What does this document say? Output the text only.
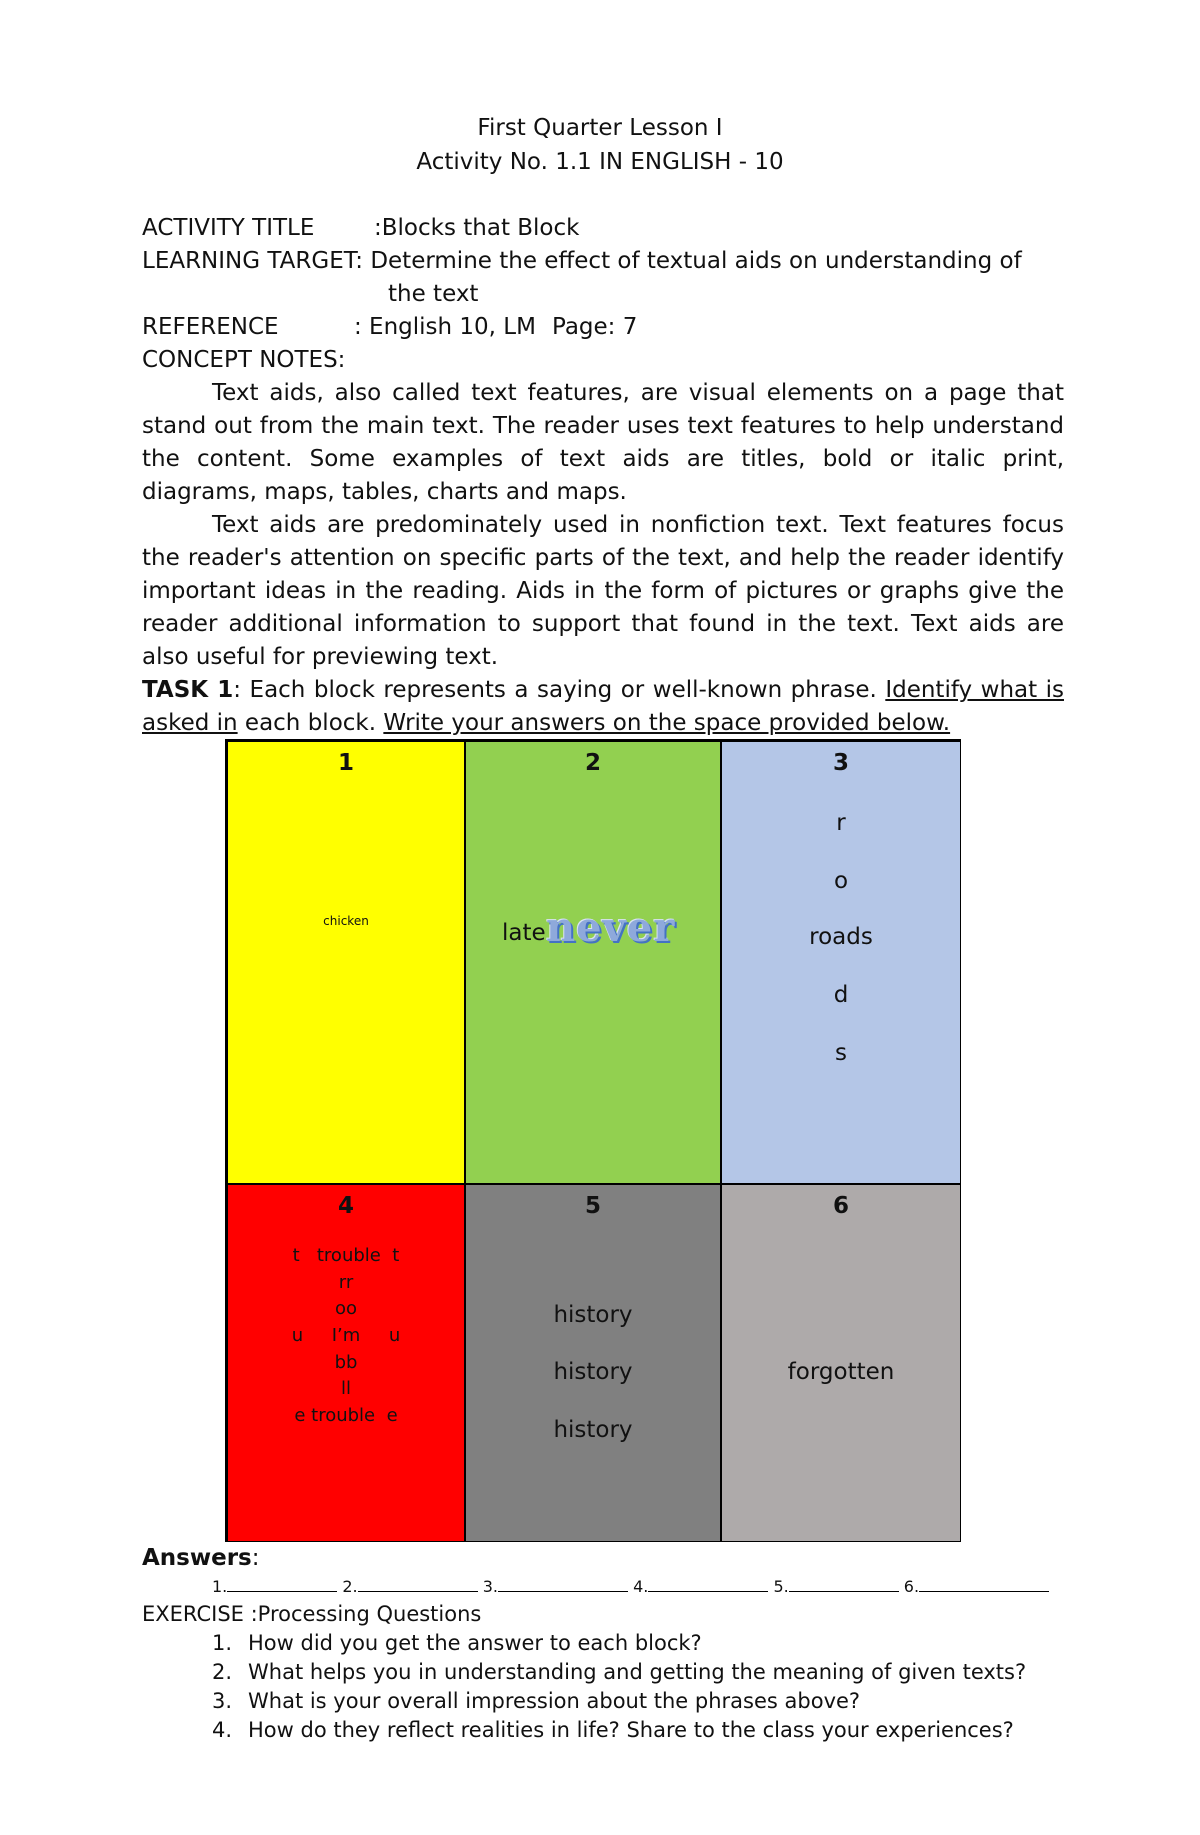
First Quarter Lesson I
Activity No. 1.1 IN ENGLISH - 10
ACTIVITY TITLE	:Blocks that Block
LEARNING TARGET: Determine the effect of textual aids on understanding of
the text
REFERENCE	: English 10, LM Page: 7
CONCEPT NOTES:
Text aids, also called text features, are visual elements on a page that stand out from the main text. The reader uses text features to help understand the content. Some examples of text aids are titles, bold or italic print, diagrams, maps, tables, charts and maps.
Text aids are predominately used in nonfiction text. Text features focus the reader's attention on specific parts of the text, and help the reader identify important ideas in the reading. Aids in the form of pictures or graphs give the reader additional information to support that found in the text. Text aids are also useful for previewing text.
TASK 1: Each block represents a saying or well-known phrase. Identify what is asked in each block. Write your answers on the space provided below.
1
chicken
2
late never
3
r
o
roads
d
s
4
t   trouble  t
rr
oo
u     I’m     u
bb
ll
e trouble  e
5
history
history
history
6
forgotten
Answers:
1.	2.	3.	4.	5.	6.
EXERCISE :Processing Questions
1. How did you get the answer to each block?
2. What helps you in understanding and getting the meaning of given texts?
3. What is your overall impression about the phrases above?
4. How do they reflect realities in life? Share to the class your experiences?
